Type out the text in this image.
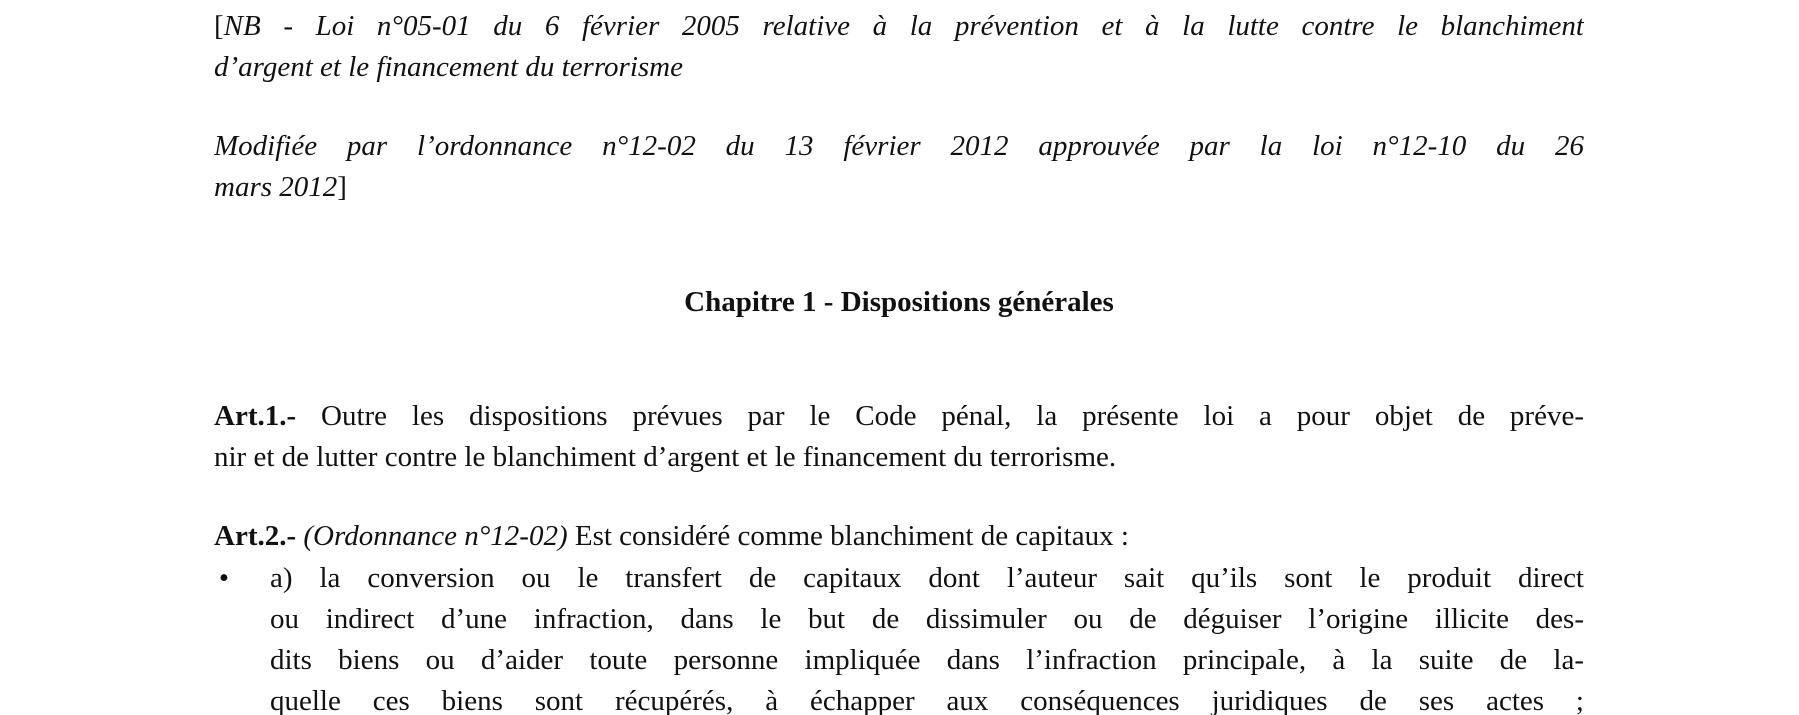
[NB - Loi n°05-01 du 6 février 2005 relative à la prévention et à la lutte contre le blanchiment
d’argent et le financement du terrorisme
Modifiée par l’ordonnance n°12-02 du 13 février 2012 approuvée par la loi n°12-10 du 26
mars 2012]
Chapitre 1 - Dispositions générales
Art.1.- Outre les dispositions prévues par le Code pénal, la présente loi a pour objet de préve-
nir et de lutter contre le blanchiment d’argent et le financement du terrorisme.
Art.2.- (Ordonnance n°12-02) Est considéré comme blanchiment de capitaux :
• a) la conversion ou le transfert de capitaux dont l’auteur sait qu’ils sont le produit direct
ou indirect d’une infraction, dans le but de dissimuler ou de déguiser l’origine illicite des-
dits biens ou d’aider toute personne impliquée dans l’infraction principale, à la suite de la-
quelle ces biens sont récupérés, à échapper aux conséquences juridiques de ses actes ;
